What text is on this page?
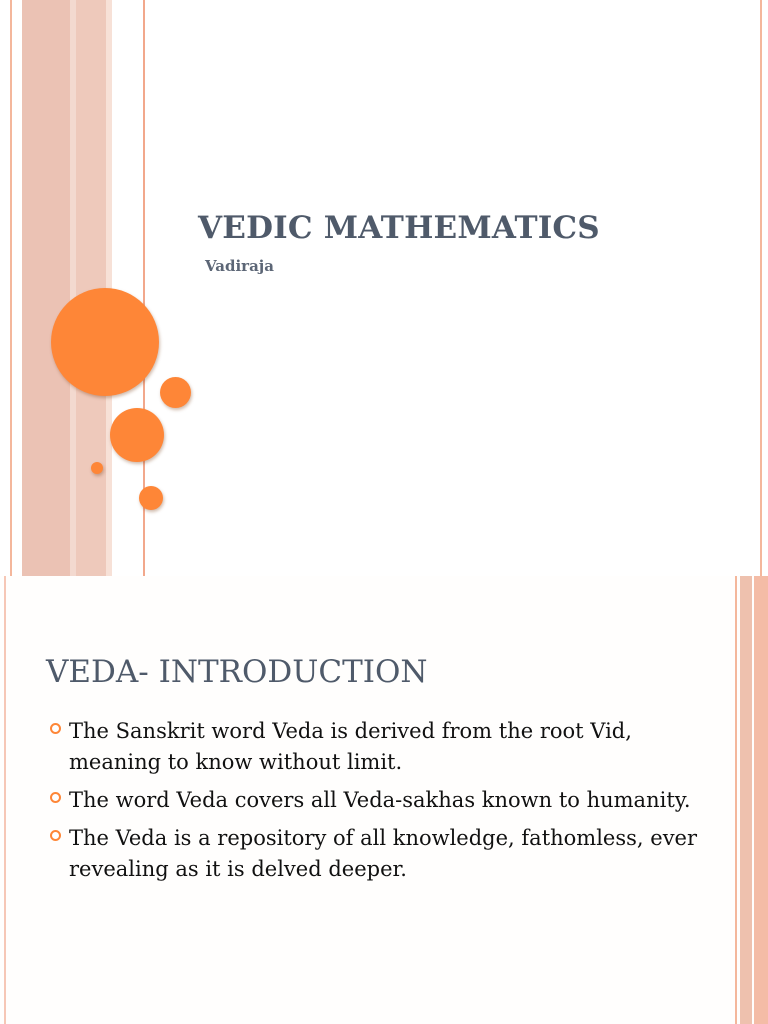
VEDIC MATHEMATICS

Vadiraja

VEDA- INTRODUCTION
The Sanskrit word Veda is derived from the root Vid, meaning to know without limit.
The word Veda covers all Veda-sakhas known to humanity.
The Veda is a repository of all knowledge, fathomless, ever revealing as it is delved deeper.
